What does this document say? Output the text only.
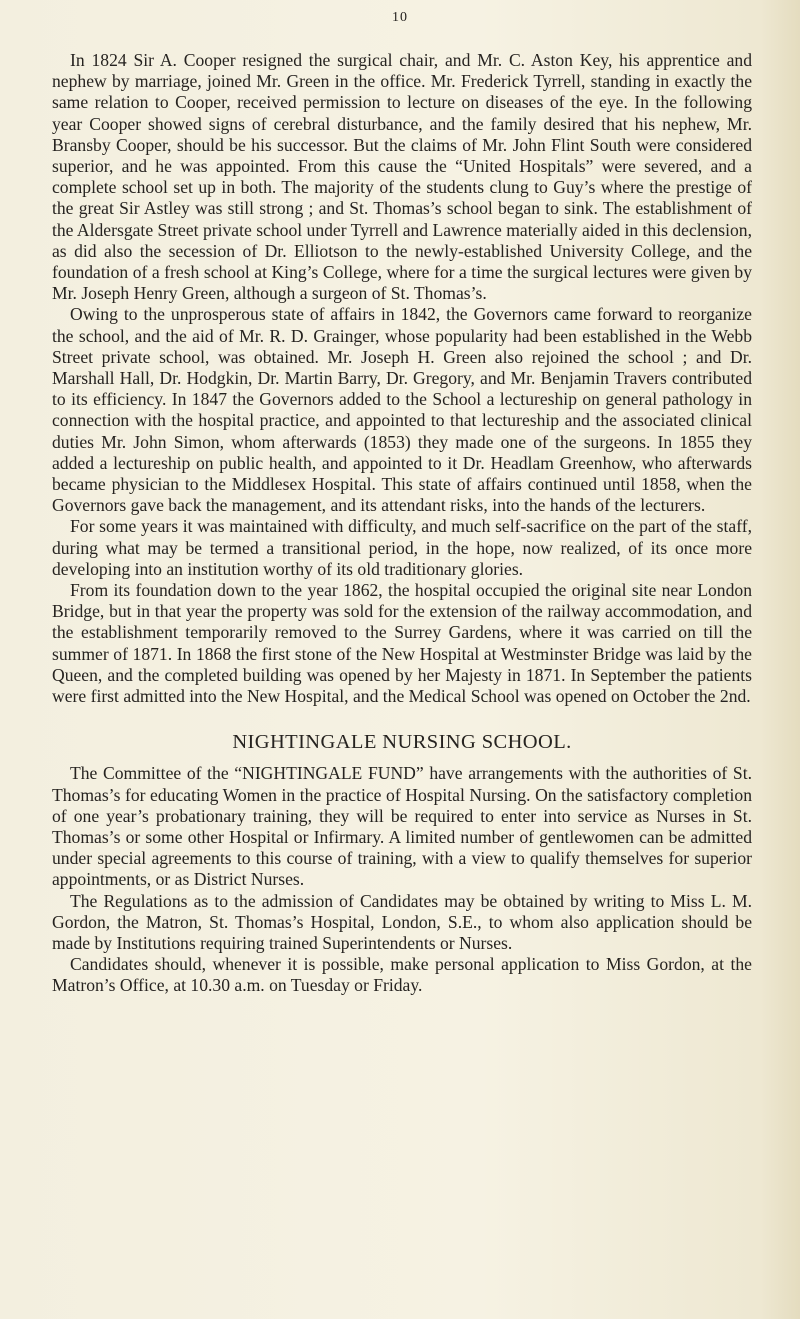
10

In 1824 Sir A. Cooper resigned the surgical chair, and Mr. C. Aston Key, his apprentice and nephew by marriage, joined Mr. Green in the office. Mr. Frederick Tyrrell, standing in exactly the same relation to Cooper, received permission to lecture on diseases of the eye. In the following year Cooper showed signs of cerebral disturbance, and the family desired that his nephew, Mr. Bransby Cooper, should be his successor. But the claims of Mr. John Flint South were considered superior, and he was appointed. From this cause the “United Hospitals” were severed, and a complete school set up in both. The majority of the students clung to Guy’s where the prestige of the great Sir Astley was still strong ; and St. Thomas’s school began to sink. The establishment of the Aldersgate Street private school under Tyrrell and Lawrence materially aided in this declension, as did also the secession of Dr. Elliotson to the newly-established University College, and the foundation of a fresh school at King’s College, where for a time the surgical lectures were given by Mr. Joseph Henry Green, although a surgeon of St. Thomas’s.

Owing to the unprosperous state of affairs in 1842, the Governors came forward to reorganize the school, and the aid of Mr. R. D. Grainger, whose popularity had been established in the Webb Street private school, was obtained. Mr. Joseph H. Green also rejoined the school ; and Dr. Marshall Hall, Dr. Hodgkin, Dr. Martin Barry, Dr. Gregory, and Mr. Benjamin Travers contributed to its efficiency. In 1847 the Governors added to the School a lectureship on general pathology in connection with the hospital practice, and appointed to that lectureship and the associated clinical duties Mr. John Simon, whom afterwards (1853) they made one of the surgeons. In 1855 they added a lectureship on public health, and appointed to it Dr. Headlam Greenhow, who afterwards became physician to the Middlesex Hospital. This state of affairs continued until 1858, when the Governors gave back the management, and its attendant risks, into the hands of the lecturers.

For some years it was maintained with difficulty, and much self-sacrifice on the part of the staff, during what may be termed a transitional period, in the hope, now realized, of its once more developing into an institution worthy of its old traditionary glories.

From its foundation down to the year 1862, the hospital occupied the original site near London Bridge, but in that year the property was sold for the extension of the railway accommodation, and the establishment temporarily removed to the Surrey Gardens, where it was carried on till the summer of 1871. In 1868 the first stone of the New Hospital at Westminster Bridge was laid by the Queen, and the completed building was opened by her Majesty in 1871. In September the patients were first admitted into the New Hospital, and the Medical School was opened on October the 2nd.

NIGHTINGALE NURSING SCHOOL.

The Committee of the “NIGHTINGALE FUND” have arrangements with the authorities of St. Thomas’s for educating Women in the practice of Hospital Nursing. On the satisfactory completion of one year’s probationary training, they will be required to enter into service as Nurses in St. Thomas’s or some other Hospital or Infirmary. A limited number of gentlewomen can be admitted under special agreements to this course of training, with a view to qualify themselves for superior appointments, or as District Nurses.

The Regulations as to the admission of Candidates may be obtained by writing to Miss L. M. Gordon, the Matron, St. Thomas’s Hospital, London, S.E., to whom also application should be made by Institutions requiring trained Superintendents or Nurses.

Candidates should, whenever it is possible, make personal application to Miss Gordon, at the Matron’s Office, at 10.30 a.m. on Tuesday or Friday.
